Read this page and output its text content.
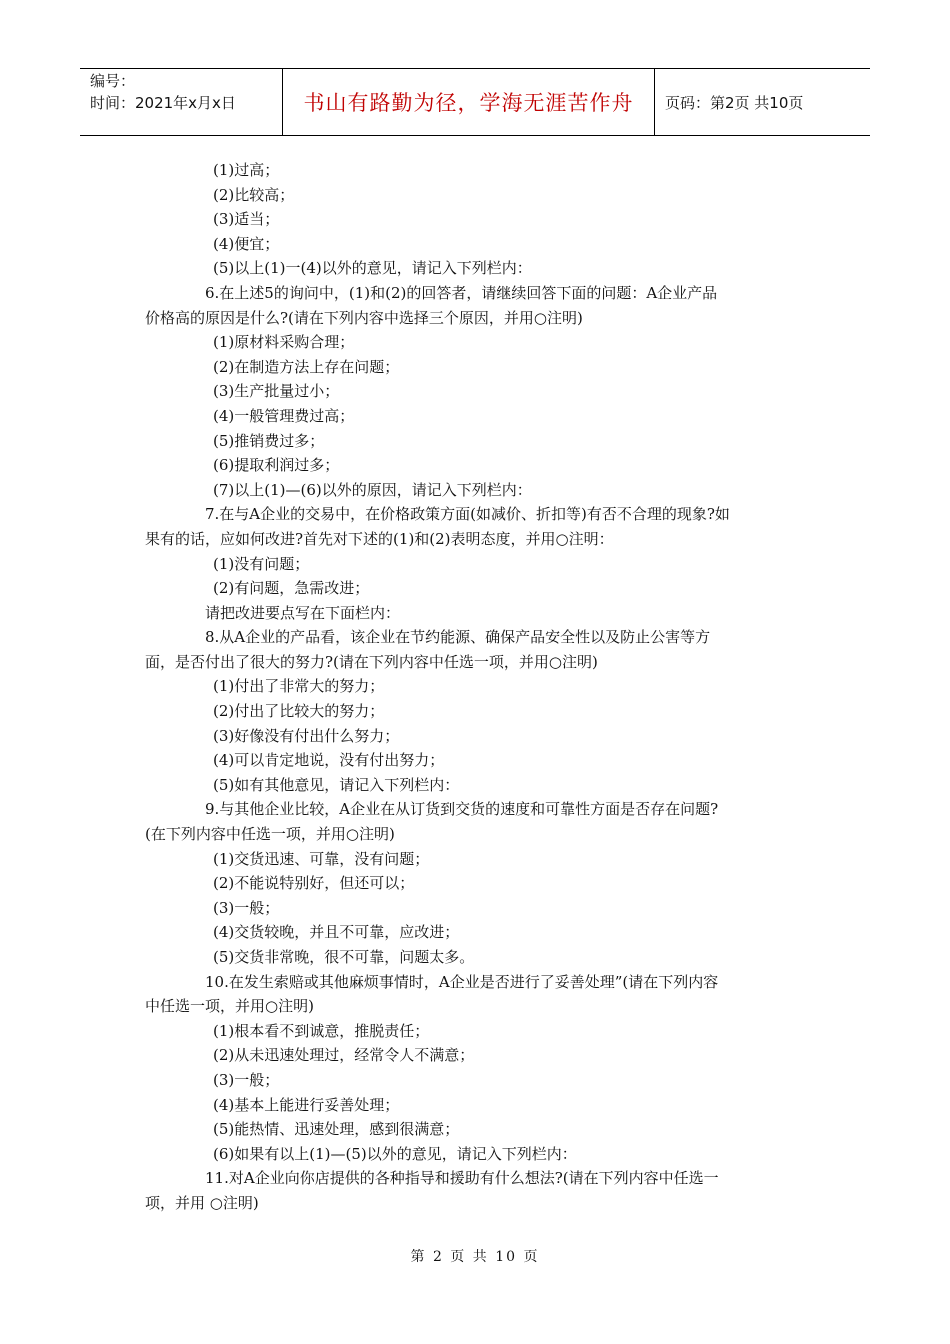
编号：
时间：2021年x月x日	书山有路勤为径，学海无涯苦作舟 页码：第2页 共10页
(1)过高；
(2)比较高；
(3)适当；
(4)便宜；
(5)以上(1)一(4)以外的意见，请记入下列栏内：
6.在上述5的询问中，(1)和(2)的回答者，请继续回答下面的问题：A企业产品
价格高的原因是什么?(请在下列内容中选择三个原因，并用○注明)
(1)原材料采购合理；
(2)在制造方法上存在问题；
(3)生产批量过小；
(4)一般管理费过高；
(5)推销费过多；
(6)提取利润过多；
(7)以上(1)—(6)以外的原因，请记入下列栏内：
7.在与A企业的交易中，在价格政策方面(如减价、折扣等)有否不合理的现象?如
果有的话，应如何改进?首先对下述的(1)和(2)表明态度，并用○注明：
(1)没有问题；
(2)有问题，急需改进；
请把改进要点写在下面栏内：
8.从A企业的产品看，该企业在节约能源、确保产品安全性以及防止公害等方
面，是否付出了很大的努力?(请在下列内容中任选一项，并用○注明)
(1)付出了非常大的努力；
(2)付出了比较大的努力；
(3)好像没有付出什么努力；
(4)可以肯定地说，没有付出努力；
(5)如有其他意见，请记入下列栏内：
9.与其他企业比较，A企业在从订货到交货的速度和可靠性方面是否存在问题?
(在下列内容中任选一项，并用○注明)
(1)交货迅速、可靠，没有问题；
(2)不能说特别好，但还可以；
(3)一般；
(4)交货较晚，并且不可靠，应改进；
(5)交货非常晚，很不可靠，问题太多。
10.在发生索赔或其他麻烦事情时，A企业是否进行了妥善处理”(请在下列内容
中任选一项，并用○注明)
(1)根本看不到诚意，推脱责任；
(2)从未迅速处理过，经常令人不满意；
(3)一般；
(4)基本上能进行妥善处理；
(5)能热情、迅速处理，感到很满意；
(6)如果有以上(1)—(5)以外的意见，请记入下列栏内：
11.对A企业向你店提供的各种指导和援助有什么想法?(请在下列内容中任选一
项，并用 ○注明)
第 2 页 共 10 页
